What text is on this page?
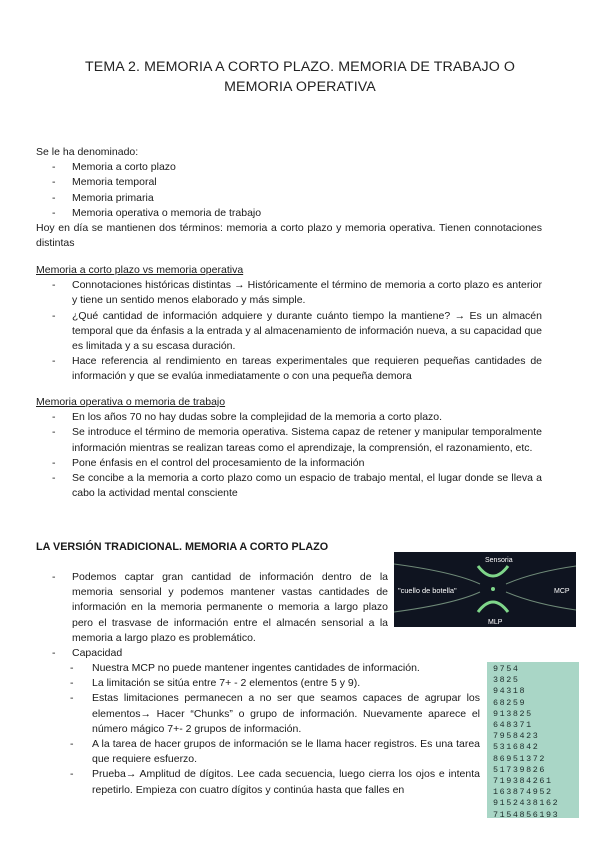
TEMA 2. MEMORIA A CORTO PLAZO. MEMORIA DE TRABAJO O
MEMORIA OPERATIVA
Se le ha denominado:
- Memoria a corto plazo
- Memoria temporal
- Memoria primaria
- Memoria operativa o memoria de trabajo
Hoy en día se mantienen dos términos: memoria a corto plazo y memoria operativa. Tienen connotaciones distintas
Memoria a corto plazo vs memoria operativa
- Connotaciones históricas distintas → Históricamente el término de memoria a corto plazo es anterior y tiene un sentido menos elaborado y más simple.
- ¿Qué cantidad de información adquiere y durante cuánto tiempo la mantiene? → Es un almacén temporal que da énfasis a la entrada y al almacenamiento de información nueva, a su capacidad que es limitada y a su escasa duración.
- Hace referencia al rendimiento en tareas experimentales que requieren pequeñas cantidades de información y que se evalúa inmediatamente o con una pequeña demora
Memoria operativa o memoria de trabajo
- En los años 70 no hay dudas sobre la complejidad de la memoria a corto plazo.
- Se introduce el término de memoria operativa. Sistema capaz de retener y manipular temporalmente información mientras se realizan tareas como el aprendizaje, la comprensión, el razonamiento, etc.
- Pone énfasis en el control del procesamiento de la información
- Se concibe a la memoria a corto plazo como un espacio de trabajo mental, el lugar donde se lleva a cabo la actividad mental consciente
LA VERSIÓN TRADICIONAL. MEMORIA A CORTO PLAZO
- Podemos captar gran cantidad de información dentro de la memoria sensorial y podemos mantener vastas cantidades de información en la memoria permanente o memoria a largo plazo pero el trasvase de información entre el almacén sensorial a la memoria a largo plazo es problemático.
- Capacidad
- Nuestra MCP no puede mantener ingentes cantidades de información.
- La limitación se sitúa entre 7+ - 2 elementos (entre 5 y 9).
- Estas limitaciones permanecen a no ser que seamos capaces de agrupar los elementos→ Hacer “Chunks” o grupo de información. Nuevamente aparece el número mágico 7+- 2 grupos de información.
- A la tarea de hacer grupos de información se le llama hacer registros. Es una tarea que requiere esfuerzo.
- Prueba→ Amplitud de dígitos. Lee cada secuencia, luego cierra los ojos e intenta repetirlo. Empieza con cuatro dígitos y continúa hasta que falles en
Sensoria
"cuello de botella"	MCP
MLP
9754
3825
94318
68259
913825
648371
7958423
5316842
86951372
51739826
719384261
163874952
9152438162
7154856193
